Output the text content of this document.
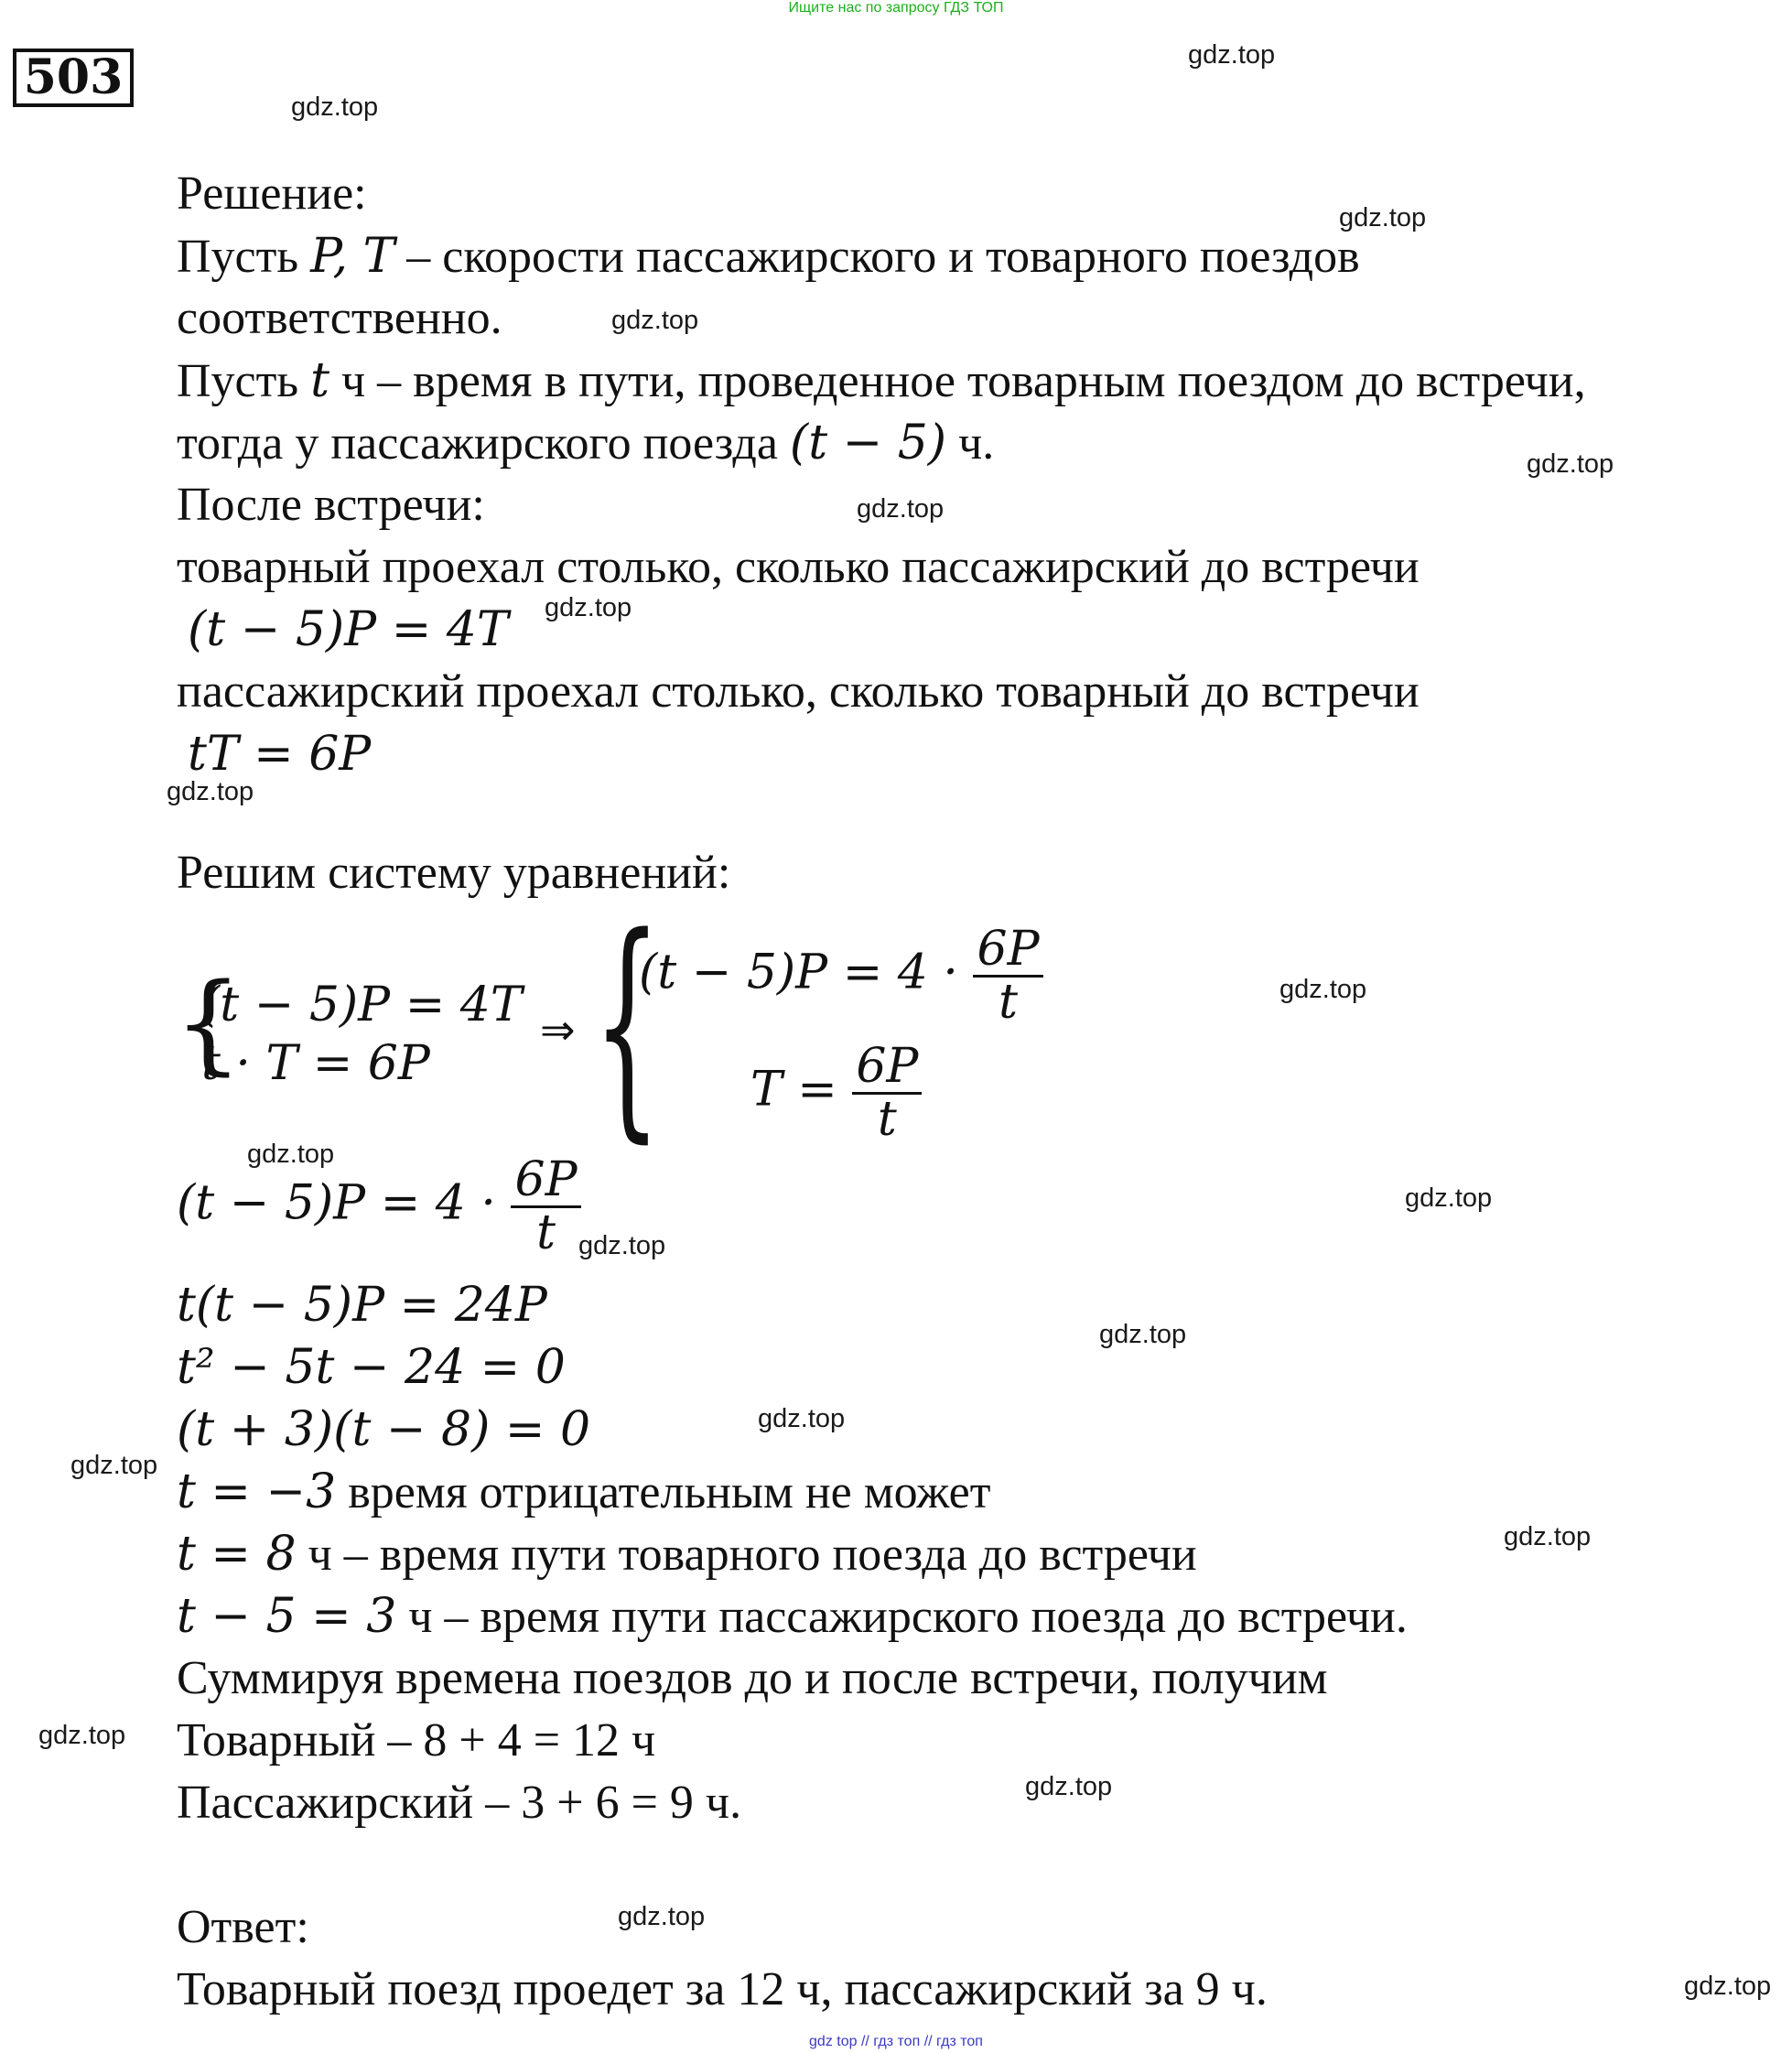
Ищите нас по запросу ГДЗ ТОП
503	gdz.top
gdz.top
gdz.top
gdz.top
gdz.top
gdz.top
gdz.top
gdz.top
gdz.top
gdz.top
gdz.top
gdz.top
gdz.top
gdz.top
gdz.top
gdz.top
gdz.top
gdz.top
gdz.top
gdz.top
Решение:
Пусть P, T – скорости пассажирского и товарного поездов
соответственно.
Пусть t ч – время в пути, проведенное товарным поездом до встречи,
тогда у пассажирского поезда (t − 5) ч.
После встречи:
товарный проехал столько, сколько пассажирский до встречи
(t − 5)P = 4T
пассажирский проехал столько, сколько товарный до встречи
tT = 6P
Решим систему уравнений:
{
(t − 5)P = 4T
t · T = 6P
⇒ {
$(t - 5)P = 4 \cdot \frac{6P}{t}$
$T = \frac{6P}{t}$
$(t - 5)P = 4 \cdot \frac{6P}{t}$
t(t − 5)P = 24P
t² − 5t − 24 = 0
(t + 3)(t − 8) = 0
t = −3 время отрицательным не может
t = 8 ч – время пути товарного поезда до встречи
t − 5 = 3 ч – время пути пассажирского поезда до встречи.
Суммируя времена поездов до и после встречи, получим
Товарный – 8 + 4 = 12 ч
Пассажирский – 3 + 6 = 9 ч.
Ответ:
Товарный поезд проедет за 12 ч, пассажирский за 9 ч.
gdz top // гдз топ // гдз топ
